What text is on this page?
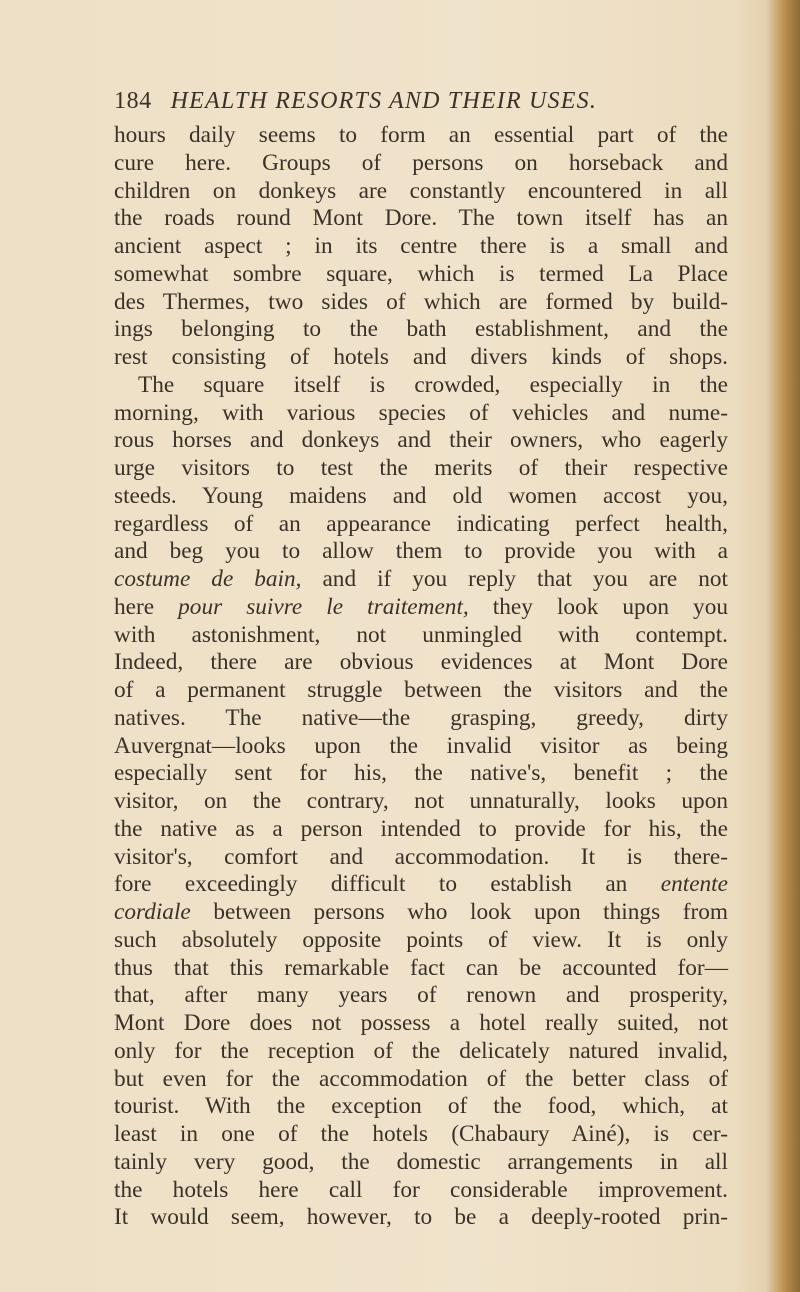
184 HEALTH RESORTS AND THEIR USES.
hours daily seems to form an essential part of the
cure here. Groups of persons on horseback and
children on donkeys are constantly encountered in all
the roads round Mont Dore. The town itself has an
ancient aspect ; in its centre there is a small and
somewhat sombre square, which is termed La Place
des Thermes, two sides of which are formed by build-
ings belonging to the bath establishment, and the
rest consisting of hotels and divers kinds of shops.
The square itself is crowded, especially in the
morning, with various species of vehicles and nume-
rous horses and donkeys and their owners, who eagerly
urge visitors to test the merits of their respective
steeds. Young maidens and old women accost you,
regardless of an appearance indicating perfect health,
and beg you to allow them to provide you with a
costume de bain, and if you reply that you are not
here pour suivre le traitement, they look upon you
with astonishment, not unmingled with contempt.
Indeed, there are obvious evidences at Mont Dore
of a permanent struggle between the visitors and the
natives. The native—the grasping, greedy, dirty
Auvergnat—looks upon the invalid visitor as being
especially sent for his, the native's, benefit ; the
visitor, on the contrary, not unnaturally, looks upon
the native as a person intended to provide for his, the
visitor's, comfort and accommodation. It is there-
fore exceedingly difficult to establish an entente
cordiale between persons who look upon things from
such absolutely opposite points of view. It is only
thus that this remarkable fact can be accounted for—
that, after many years of renown and prosperity,
Mont Dore does not possess a hotel really suited, not
only for the reception of the delicately natured invalid,
but even for the accommodation of the better class of
tourist. With the exception of the food, which, at
least in one of the hotels (Chabaury Ainé), is cer-
tainly very good, the domestic arrangements in all
the hotels here call for considerable improvement.
It would seem, however, to be a deeply-rooted prin-
